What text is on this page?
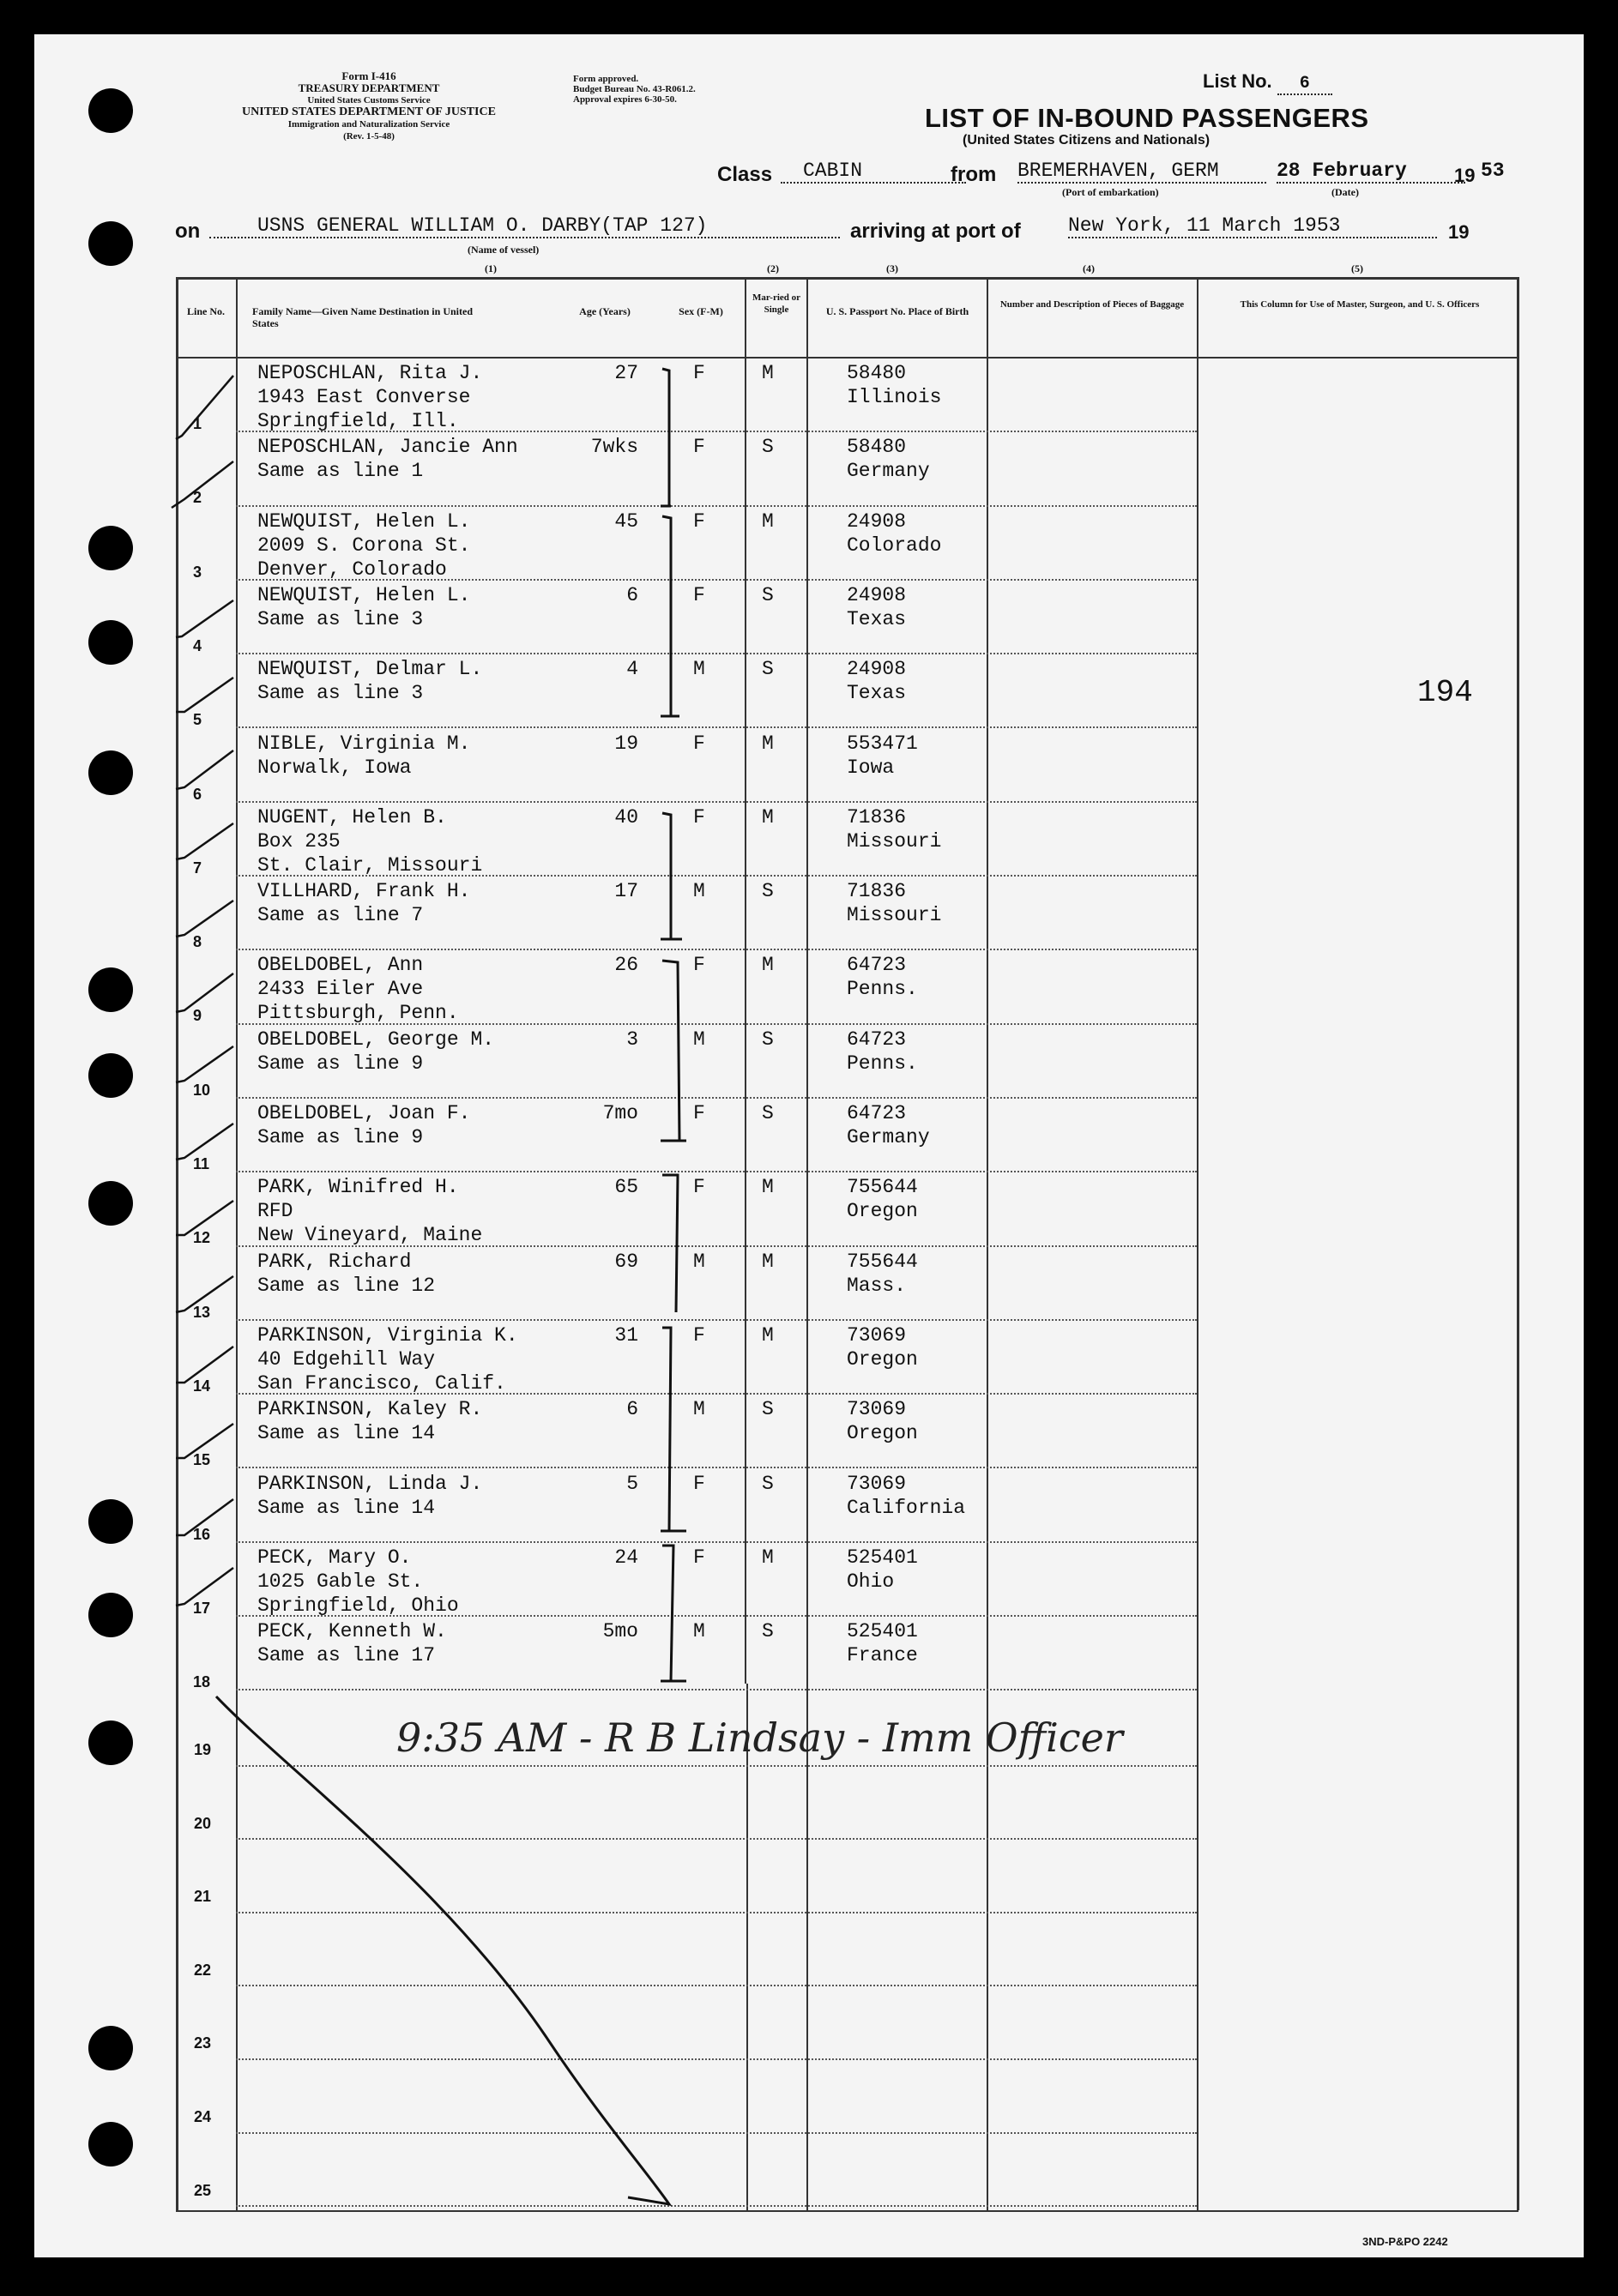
Form I-416
TREASURY DEPARTMENT
United States Customs Service
UNITED STATES DEPARTMENT OF JUSTICE
Immigration and Naturalization Service
(Rev. 1-5-48)
Form approved.
Budget Bureau No. 43-R061.2.
Approval expires 6-30-50.
List No. 6
LIST OF IN-BOUND PASSENGERS
(United States Citizens and Nationals)
Class	CABIN	from BREMERHAVEN, GERM
(Port of embarkation)
28 February	19 53
(Date)
on	USNS GENERAL WILLIAM O. DARBY(TAP 127)
(Name of vessel)
arriving at port of New York, 11 March 1953	19
(1)	(2)	(3)	(4)	(5)
Line No.	Family Name—Given Name Destination in United States
Age (Years)	Sex (F-M)
Mar-ried or Single	U. S. Passport No. Place of Birth
Number and Description of Pieces of Baggage	This Column for Use of Master, Surgeon, and U. S. Officers
1
NEPOSCHLAN, Rita J.
1943 East Converse
Springfield, Ill.
27	F	M	58480
Illinois
2
NEPOSCHLAN, Jancie Ann
Same as line 1
7wks	F	S	58480
Germany
3
NEWQUIST, Helen L.
2009 S. Corona St.
Denver, Colorado
45	F	M	24908
Colorado
4
NEWQUIST, Helen L.
Same as line 3
6	F	S	24908
Texas
5
NEWQUIST, Delmar L.
Same as line 3
4	M	S	24908
Texas
6
NIBLE, Virginia M.
Norwalk, Iowa
19	F	M	553471
Iowa
7
NUGENT, Helen B.
Box 235
St. Clair, Missouri
40	F	M	71836
Missouri
8
VILLHARD, Frank H.
Same as line 7
17	M	S	71836
Missouri
9
OBELDOBEL, Ann
2433 Eiler Ave
Pittsburgh, Penn.
26	F	M	64723
Penns.
10
OBELDOBEL, George M.
Same as line 9
3	M	S	64723
Penns.
11
OBELDOBEL, Joan F.
Same as line 9
7mo	F	S	64723
Germany
12
PARK, Winifred H.
RFD
New Vineyard, Maine
65	F	M	755644
Oregon
13
PARK, Richard
Same as line 12
69	M	M	755644
Mass.
14
PARKINSON, Virginia K.
40 Edgehill Way
San Francisco, Calif.
31	F	M	73069
Oregon
15
PARKINSON, Kaley R.
Same as line 14
6	M	S	73069
Oregon
16
PARKINSON, Linda J.
Same as line 14
5	F	S	73069
California
17
PECK, Mary O.
1025 Gable St.
Springfield, Ohio
24	F	M	525401
Ohio
18
PECK, Kenneth W.
Same as line 17
5mo	M	S	525401
France
19
20
21
22
23
24
25
194
9:35 AM - R B Lindsay - Imm Officer
3ND-P&PO 2242
